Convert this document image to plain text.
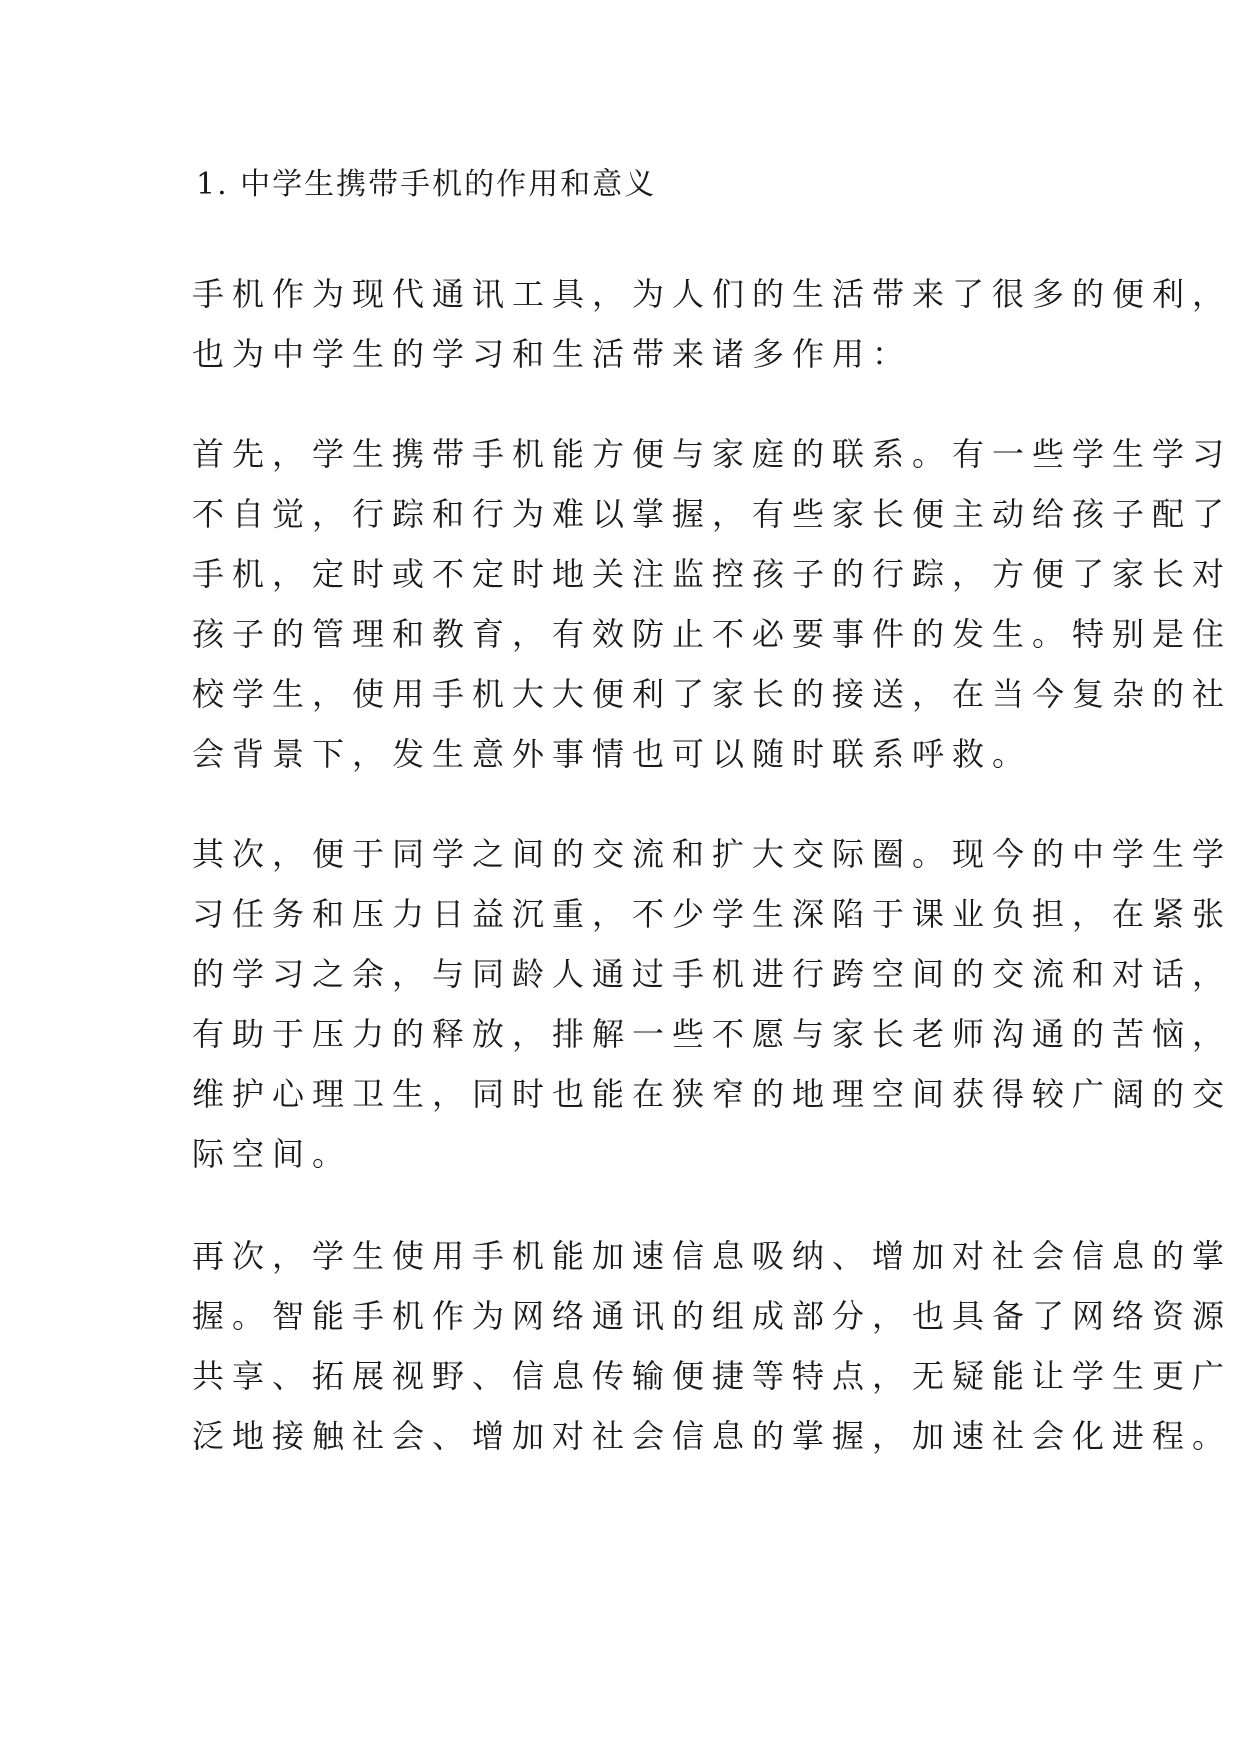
1. 中学生携带手机的作用和意义
手机作为现代通讯工具，为人们的生活带来了很多的便利，
也为中学生的学习和生活带来诸多作用：
首先，学生携带手机能方便与家庭的联系。有一些学生学习
不自觉，行踪和行为难以掌握，有些家长便主动给孩子配了
手机，定时或不定时地关注监控孩子的行踪，方便了家长对
孩子的管理和教育，有效防止不必要事件的发生。特别是住
校学生，使用手机大大便利了家长的接送，在当今复杂的社
会背景下，发生意外事情也可以随时联系呼救。
其次，便于同学之间的交流和扩大交际圈。现今的中学生学
习任务和压力日益沉重，不少学生深陷于课业负担，在紧张
的学习之余，与同龄人通过手机进行跨空间的交流和对话，
有助于压力的释放，排解一些不愿与家长老师沟通的苦恼，
维护心理卫生，同时也能在狭窄的地理空间获得较广阔的交
际空间。
再次，学生使用手机能加速信息吸纳、增加对社会信息的掌
握。智能手机作为网络通讯的组成部分，也具备了网络资源
共享、拓展视野、信息传输便捷等特点，无疑能让学生更广
泛地接触社会、增加对社会信息的掌握，加速社会化进程。
